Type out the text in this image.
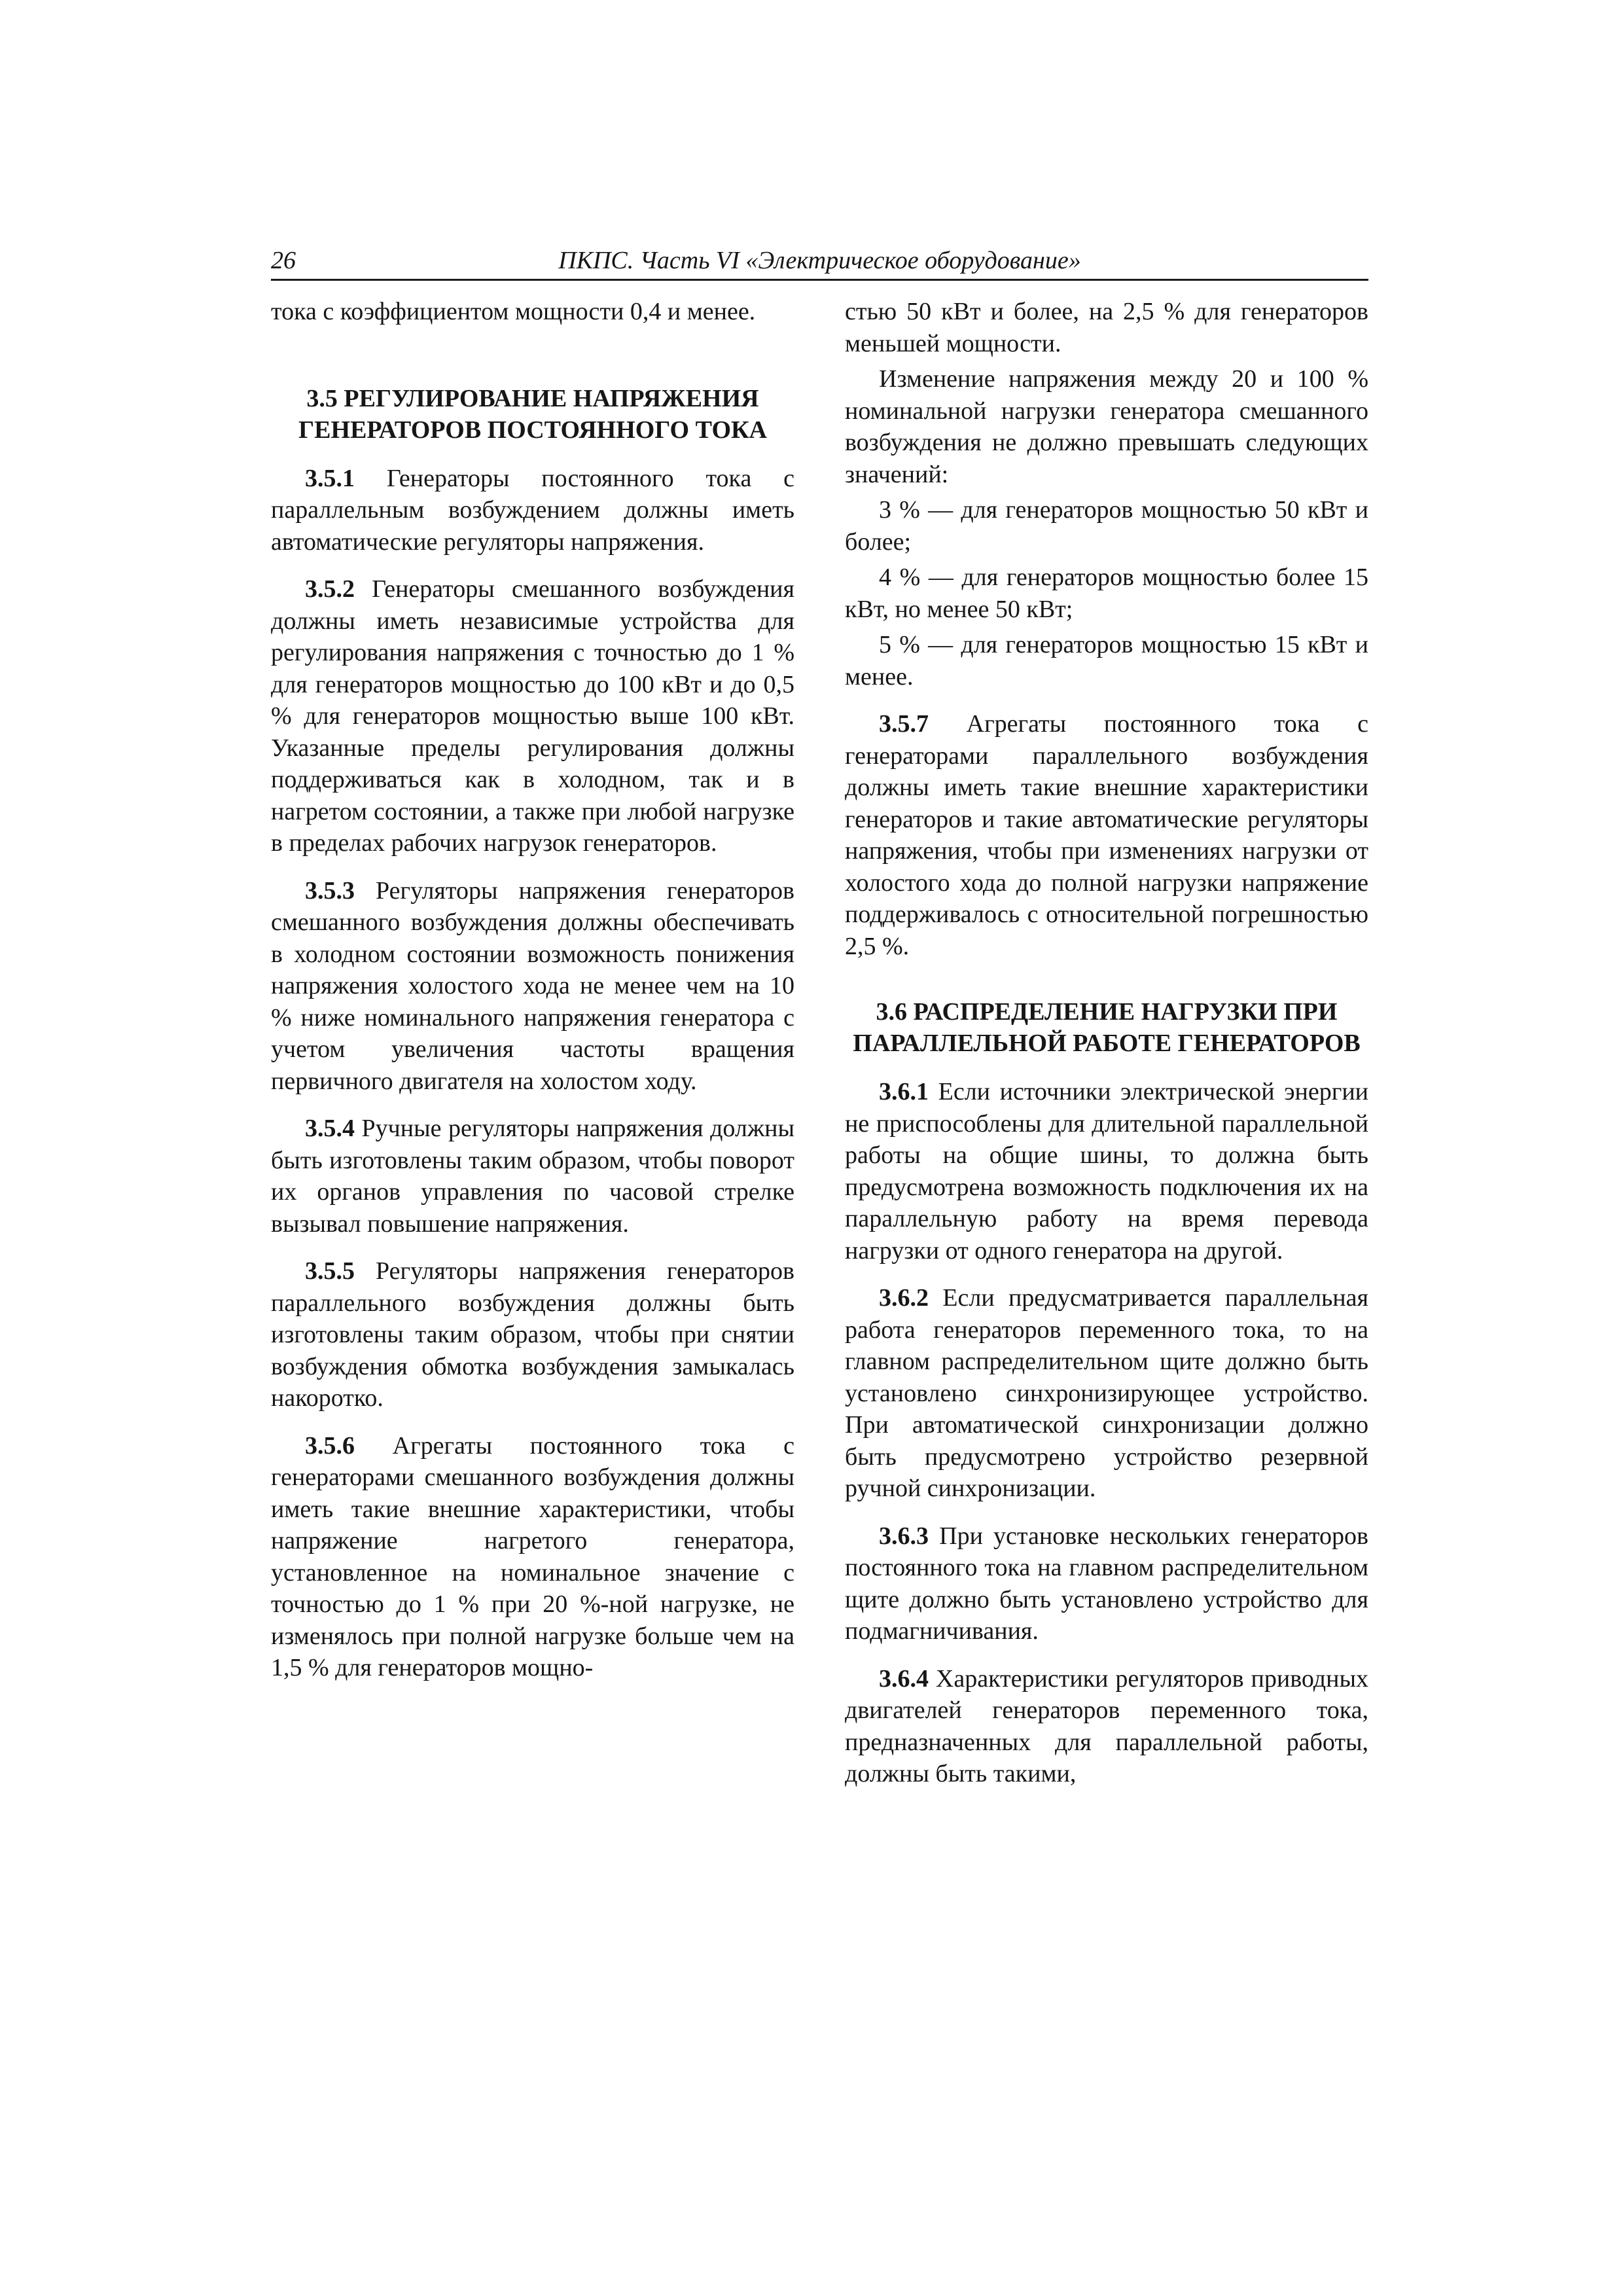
26	ПКПС. Часть VI «Электрическое оборудование»

тока с коэффициентом мощности 0,4 и менее.

3.5 РЕГУЛИРОВАНИЕ НАПРЯЖЕНИЯ ГЕНЕРАТОРОВ ПОСТОЯННОГО ТОКА

3.5.1 Генераторы постоянного тока с параллельным возбуждением должны иметь автоматические регуляторы напряжения.

3.5.2 Генераторы смешанного возбуждения должны иметь независимые устройства для регулирования напряжения с точностью до 1 % для генераторов мощностью до 100 кВт и до 0,5 % для генераторов мощностью выше 100 кВт. Указанные пределы регулирования должны поддерживаться как в холодном, так и в нагретом состоянии, а также при любой нагрузке в пределах рабочих нагрузок генераторов.

3.5.3 Регуляторы напряжения генераторов смешанного возбуждения должны обеспечивать в холодном состоянии возможность понижения напряжения холостого хода не менее чем на 10 % ниже номинального напряжения генератора с учетом увеличения частоты вращения первичного двигателя на холостом ходу.

3.5.4 Ручные регуляторы напряжения должны быть изготовлены таким образом, чтобы поворот их органов управления по часовой стрелке вызывал повышение напряжения.

3.5.5 Регуляторы напряжения генераторов параллельного возбуждения должны быть изготовлены таким образом, чтобы при снятии возбуждения обмотка возбуждения замыкалась накоротко.

3.5.6 Агрегаты постоянного тока с генераторами смешанного возбуждения должны иметь такие внешние характеристики, чтобы напряжение нагретого генератора, установленное на номинальное значение с точностью до 1 % при 20 %-ной нагрузке, не изменялось при полной нагрузке больше чем на 1,5 % для генераторов мощно-

стью 50 кВт и более, на 2,5 % для генераторов меньшей мощности.

Изменение напряжения между 20 и 100 % номинальной нагрузки генератора смешанного возбуждения не должно превышать следующих значений:

3 % — для генераторов мощностью 50 кВт и более;

4 % — для генераторов мощностью более 15 кВт, но менее 50 кВт;

5 % — для генераторов мощностью 15 кВт и менее.

3.5.7 Агрегаты постоянного тока с генераторами параллельного возбуждения должны иметь такие внешние характеристики генераторов и такие автоматические регуляторы напряжения, чтобы при изменениях нагрузки от холостого хода до полной нагрузки напряжение поддерживалось с относительной погрешностью 2,5 %.

3.6 РАСПРЕДЕЛЕНИЕ НАГРУЗКИ ПРИ ПАРАЛЛЕЛЬНОЙ РАБОТЕ ГЕНЕРАТОРОВ

3.6.1 Если источники электрической энергии не приспособлены для длительной параллельной работы на общие шины, то должна быть предусмотрена возможность подключения их на параллельную работу на время перевода нагрузки от одного генератора на другой.

3.6.2 Если предусматривается параллельная работа генераторов переменного тока, то на главном распределительном щите должно быть установлено синхронизирующее устройство. При автоматической синхронизации должно быть предусмотрено устройство резервной ручной синхронизации.

3.6.3 При установке нескольких генераторов постоянного тока на главном распределительном щите должно быть установлено устройство для подмагничивания.

3.6.4 Характеристики регуляторов приводных двигателей генераторов переменного тока, предназначенных для параллельной работы, должны быть такими,
